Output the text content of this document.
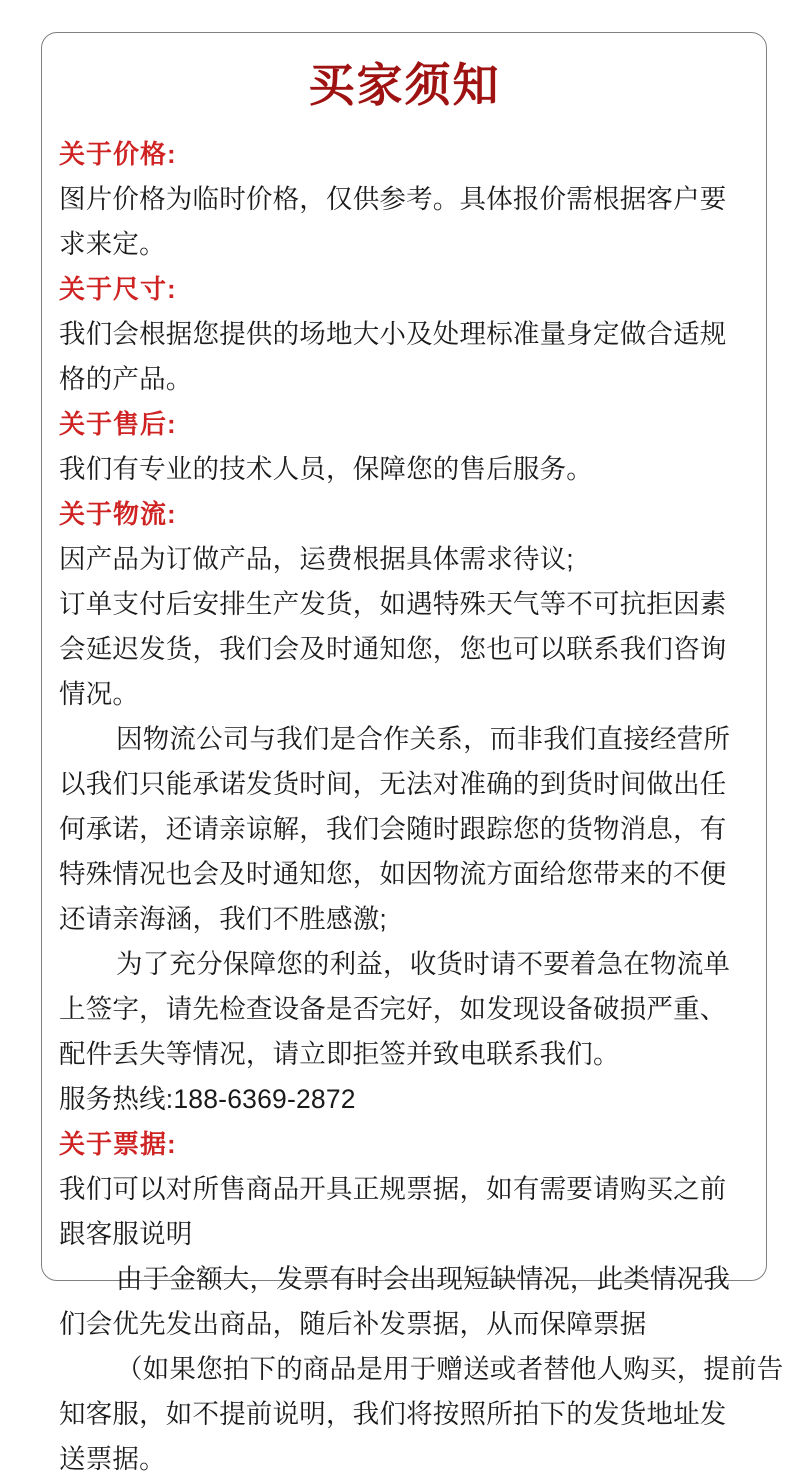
买家须知
关于价格:
图片价格为临时价格，仅供参考。具体报价需根据客户要
求来定。
关于尺寸:
我们会根据您提供的场地大小及处理标准量身定做合适规
格的产品。
关于售后:
我们有专业的技术人员，保障您的售后服务。
关于物流:
因产品为订做产品，运费根据具体需求待议;
订单支付后安排生产发货，如遇特殊天气等不可抗拒因素
会延迟发货，我们会及时通知您，您也可以联系我们咨询
情况。
因物流公司与我们是合作关系，而非我们直接经营所
以我们只能承诺发货时间，无法对准确的到货时间做出任
何承诺，还请亲谅解，我们会随时跟踪您的货物消息，有
特殊情况也会及时通知您，如因物流方面给您带来的不便
还请亲海涵，我们不胜感激;
为了充分保障您的利益，收货时请不要着急在物流单
上签字，请先检查设备是否完好，如发现设备破损严重、
配件丢失等情况，请立即拒签并致电联系我们。
服务热线:188-6369-2872
关于票据:
我们可以对所售商品开具正规票据，如有需要请购买之前
跟客服说明
由于金额大，发票有时会出现短缺情况，此类情况我
们会优先发出商品，随后补发票据，从而保障票据
（如果您拍下的商品是用于赠送或者替他人购买，提前告
知客服，如不提前说明，我们将按照所拍下的发货地址发
送票据。
